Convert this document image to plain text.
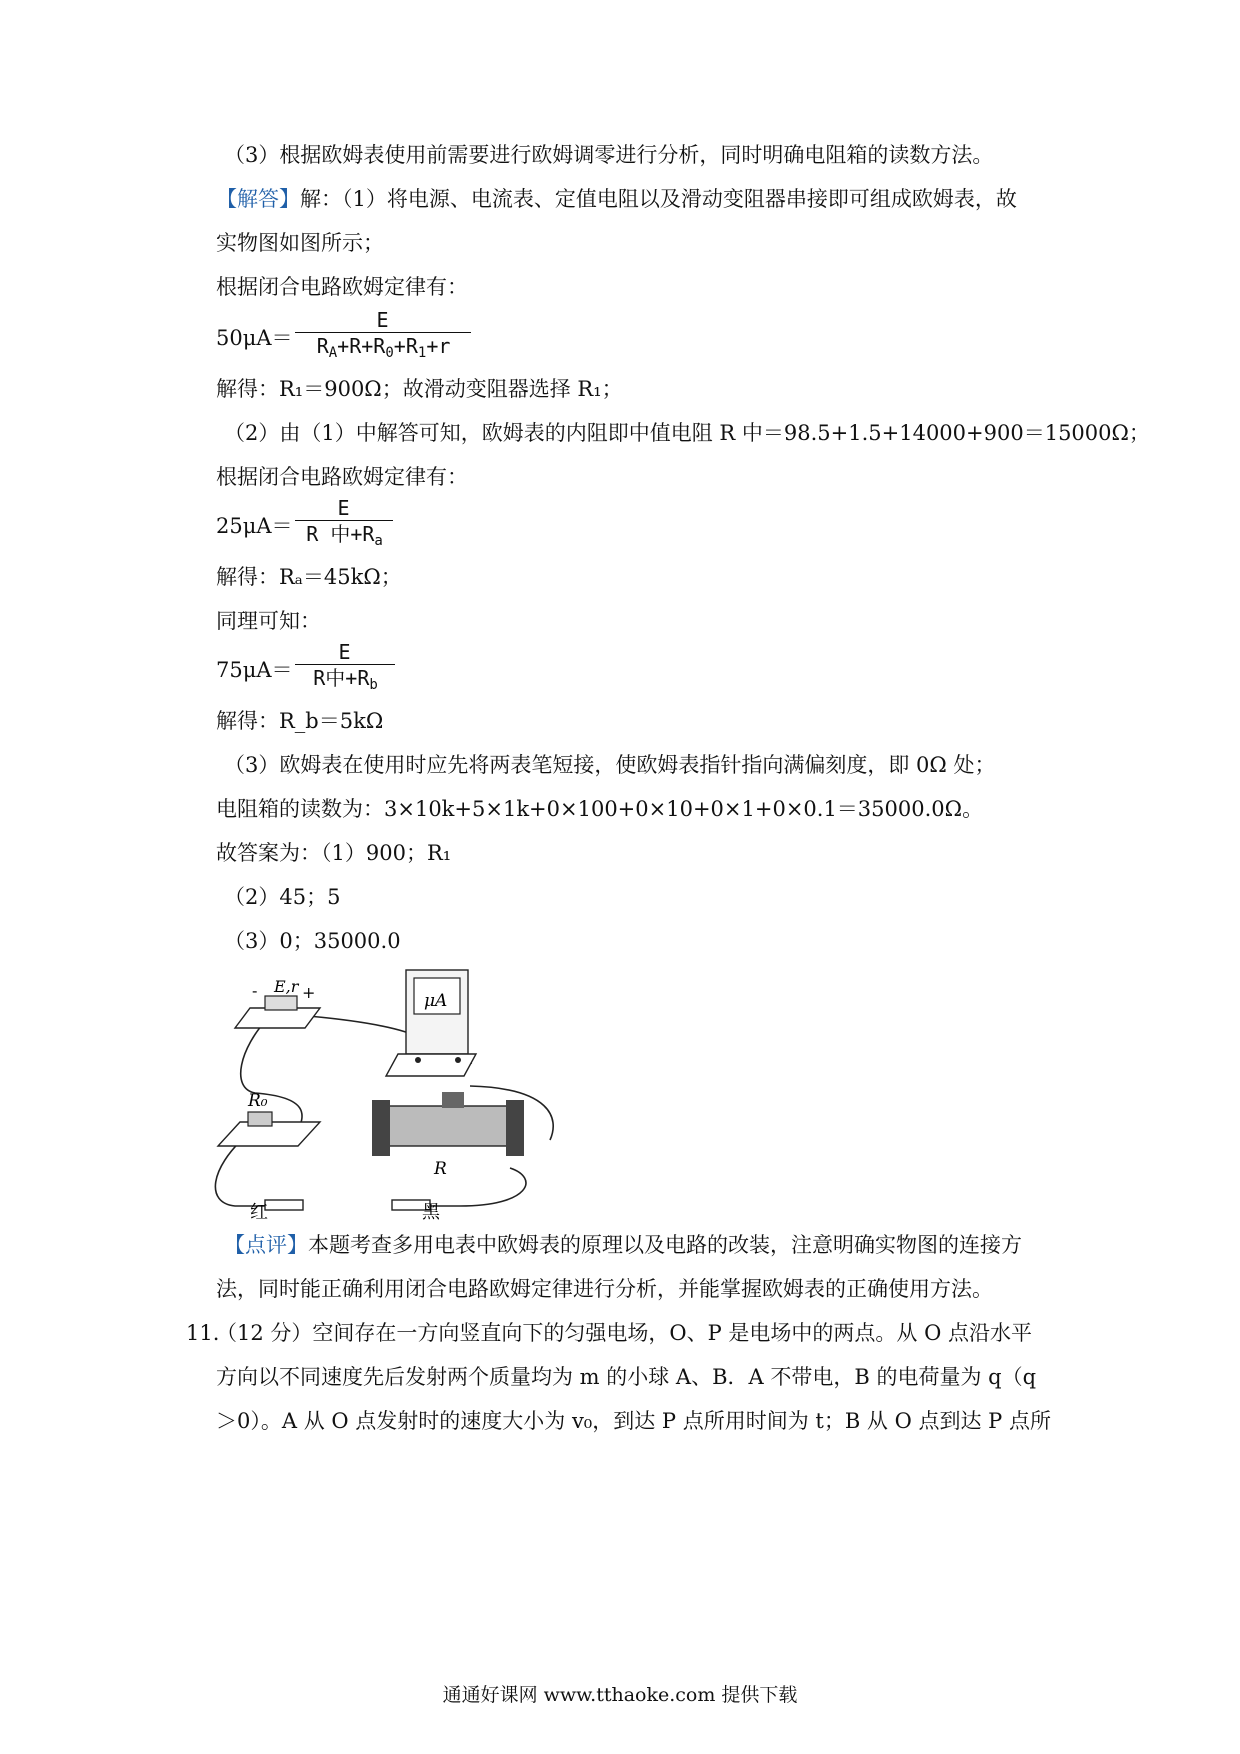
（3）根据欧姆表使用前需要进行欧姆调零进行分析，同时明确电阻箱的读数方法。
【解答】解：（1）将电源、电流表、定值电阻以及滑动变阻器串接即可组成欧姆表，故
实物图如图所示；
根据闭合电路欧姆定律有：
$50\mu A= \frac{E}{R_A+R+R_0+R_1+r}$
解得：R₁＝900Ω；故滑动变阻器选择 R₁；
（2）由（1）中解答可知，欧姆表的内阻即中值电阻 R 中＝98.5+1.5+14000+900＝15000Ω；
根据闭合电路欧姆定律有：
$25\mu A= \frac{E}{R 中+R_a}$
解得：Rₐ＝45kΩ；
同理可知：
$75\mu A= \frac{E}{R中+R_b}$
解得：R_b＝5kΩ
（3）欧姆表在使用时应先将两表笔短接，使欧姆表指针指向满偏刻度，即 0Ω 处；
电阻箱的读数为：3×10k+5×1k+0×100+0×10+0×1+0×0.1＝35000.0Ω。
故答案为：（1）900；R₁
（2）45；5
（3）0；35000.0
E,r
-	+	μA
R₀
R
红	黑
【点评】本题考查多用电表中欧姆表的原理以及电路的改装，注意明确实物图的连接方
法，同时能正确利用闭合电路欧姆定律进行分析，并能掌握欧姆表的正确使用方法。
11.
（12 分）空间存在一方向竖直向下的匀强电场，O、P 是电场中的两点。从 O 点沿水平
方向以不同速度先后发射两个质量均为 m 的小球 A、B．A 不带电，B 的电荷量为 q（q
＞0）。A 从 O 点发射时的速度大小为 v₀，到达 P 点所用时间为 t；B 从 O 点到达 P 点所
通通好课网 www.tthaoke.com 提供下载
